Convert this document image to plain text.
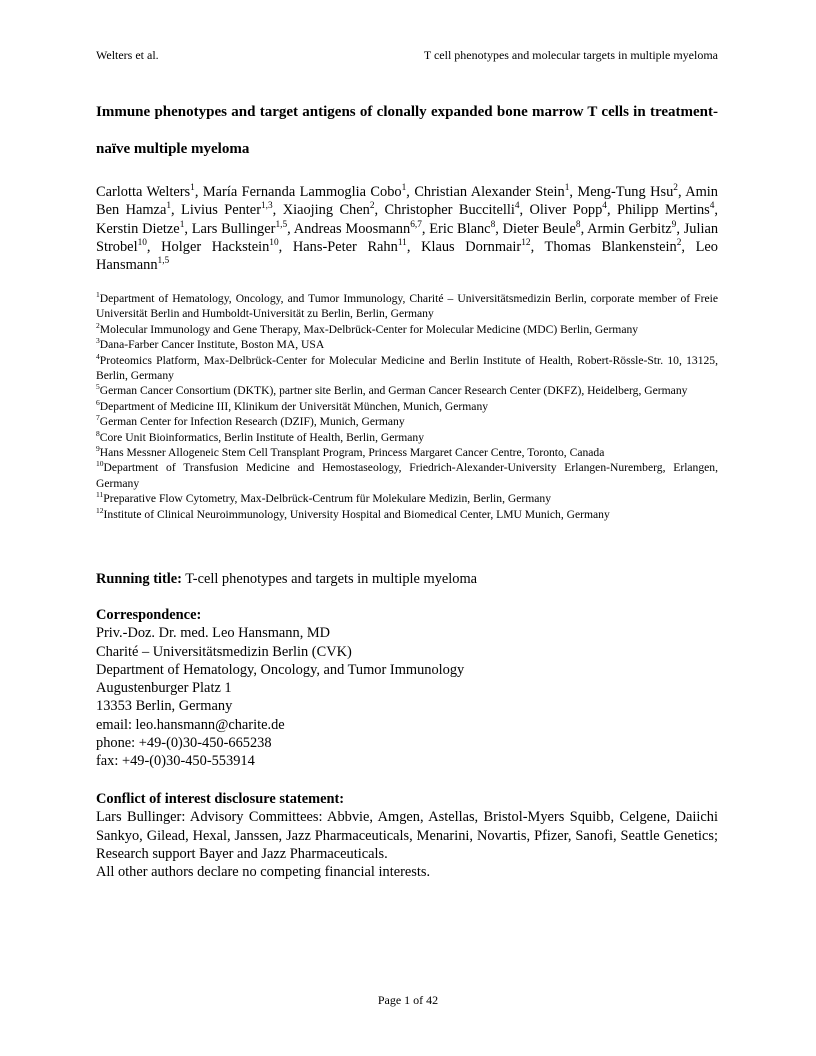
Welters et al.	T cell phenotypes and molecular targets in multiple myeloma
Immune phenotypes and target antigens of clonally expanded bone marrow T cells in treatment-naïve multiple myeloma

Carlotta Welters$^1$, María Fernanda Lammoglia Cobo$^1$, Christian Alexander Stein$^1$, Meng-Tung Hsu$^2$, Amin Ben Hamza$^1$, Livius Penter$^{1,3}$, Xiaojing Chen$^2$, Christopher Buccitelli$^4$, Oliver Popp$^4$, Philipp Mertins$^4$, Kerstin Dietze$^1$, Lars Bullinger$^{1,5}$, Andreas Moosmann$^{6,7}$, Eric Blanc$^8$, Dieter Beule$^8$, Armin Gerbitz$^9$, Julian Strobel$^{10}$, Holger Hackstein$^{10}$, Hans-Peter Rahn$^{11}$, Klaus Dornmair$^{12}$, Thomas Blankenstein$^2$, Leo Hansmann$^{1,5}$

$^1$Department of Hematology, Oncology, and Tumor Immunology, Charité – Universitätsmedizin Berlin, corporate member of Freie Universität Berlin and Humboldt-Universität zu Berlin, Berlin, Germany
$^2$Molecular Immunology and Gene Therapy, Max-Delbrück-Center for Molecular Medicine (MDC) Berlin, Germany
$^3$Dana-Farber Cancer Institute, Boston MA, USA
$^4$Proteomics Platform, Max-Delbrück-Center for Molecular Medicine and Berlin Institute of Health, Robert-Rössle-Str. 10, 13125, Berlin, Germany
$^5$German Cancer Consortium (DKTK), partner site Berlin, and German Cancer Research Center (DKFZ), Heidelberg, Germany
$^6$Department of Medicine III, Klinikum der Universität München, Munich, Germany
$^7$German Center for Infection Research (DZIF), Munich, Germany
$^8$Core Unit Bioinformatics, Berlin Institute of Health, Berlin, Germany
$^9$Hans Messner Allogeneic Stem Cell Transplant Program, Princess Margaret Cancer Centre, Toronto, Canada
$^{10}$Department of Transfusion Medicine and Hemostaseology, Friedrich-Alexander-University Erlangen-Nuremberg, Erlangen, Germany
$^{11}$Preparative Flow Cytometry, Max-Delbrück-Centrum für Molekulare Medizin, Berlin, Germany
$^{12}$Institute of Clinical Neuroimmunology, University Hospital and Biomedical Center, LMU Munich, Germany
Running title: T-cell phenotypes and targets in multiple myeloma
Correspondence:
Priv.-Doz. Dr. med. Leo Hansmann, MD
Charité – Universitätsmedizin Berlin (CVK)
Department of Hematology, Oncology, and Tumor Immunology
Augustenburger Platz 1
13353 Berlin, Germany
email: leo.hansmann@charite.de
phone: +49-(0)30-450-665238
fax: +49-(0)30-450-553914
Conflict of interest disclosure statement:
Lars Bullinger: Advisory Committees: Abbvie, Amgen, Astellas, Bristol-Myers Squibb, Celgene, Daiichi Sankyo, Gilead, Hexal, Janssen, Jazz Pharmaceuticals, Menarini, Novartis, Pfizer, Sanofi, Seattle Genetics; Research support Bayer and Jazz Pharmaceuticals.
All other authors declare no competing financial interests.
Page 1 of 42
